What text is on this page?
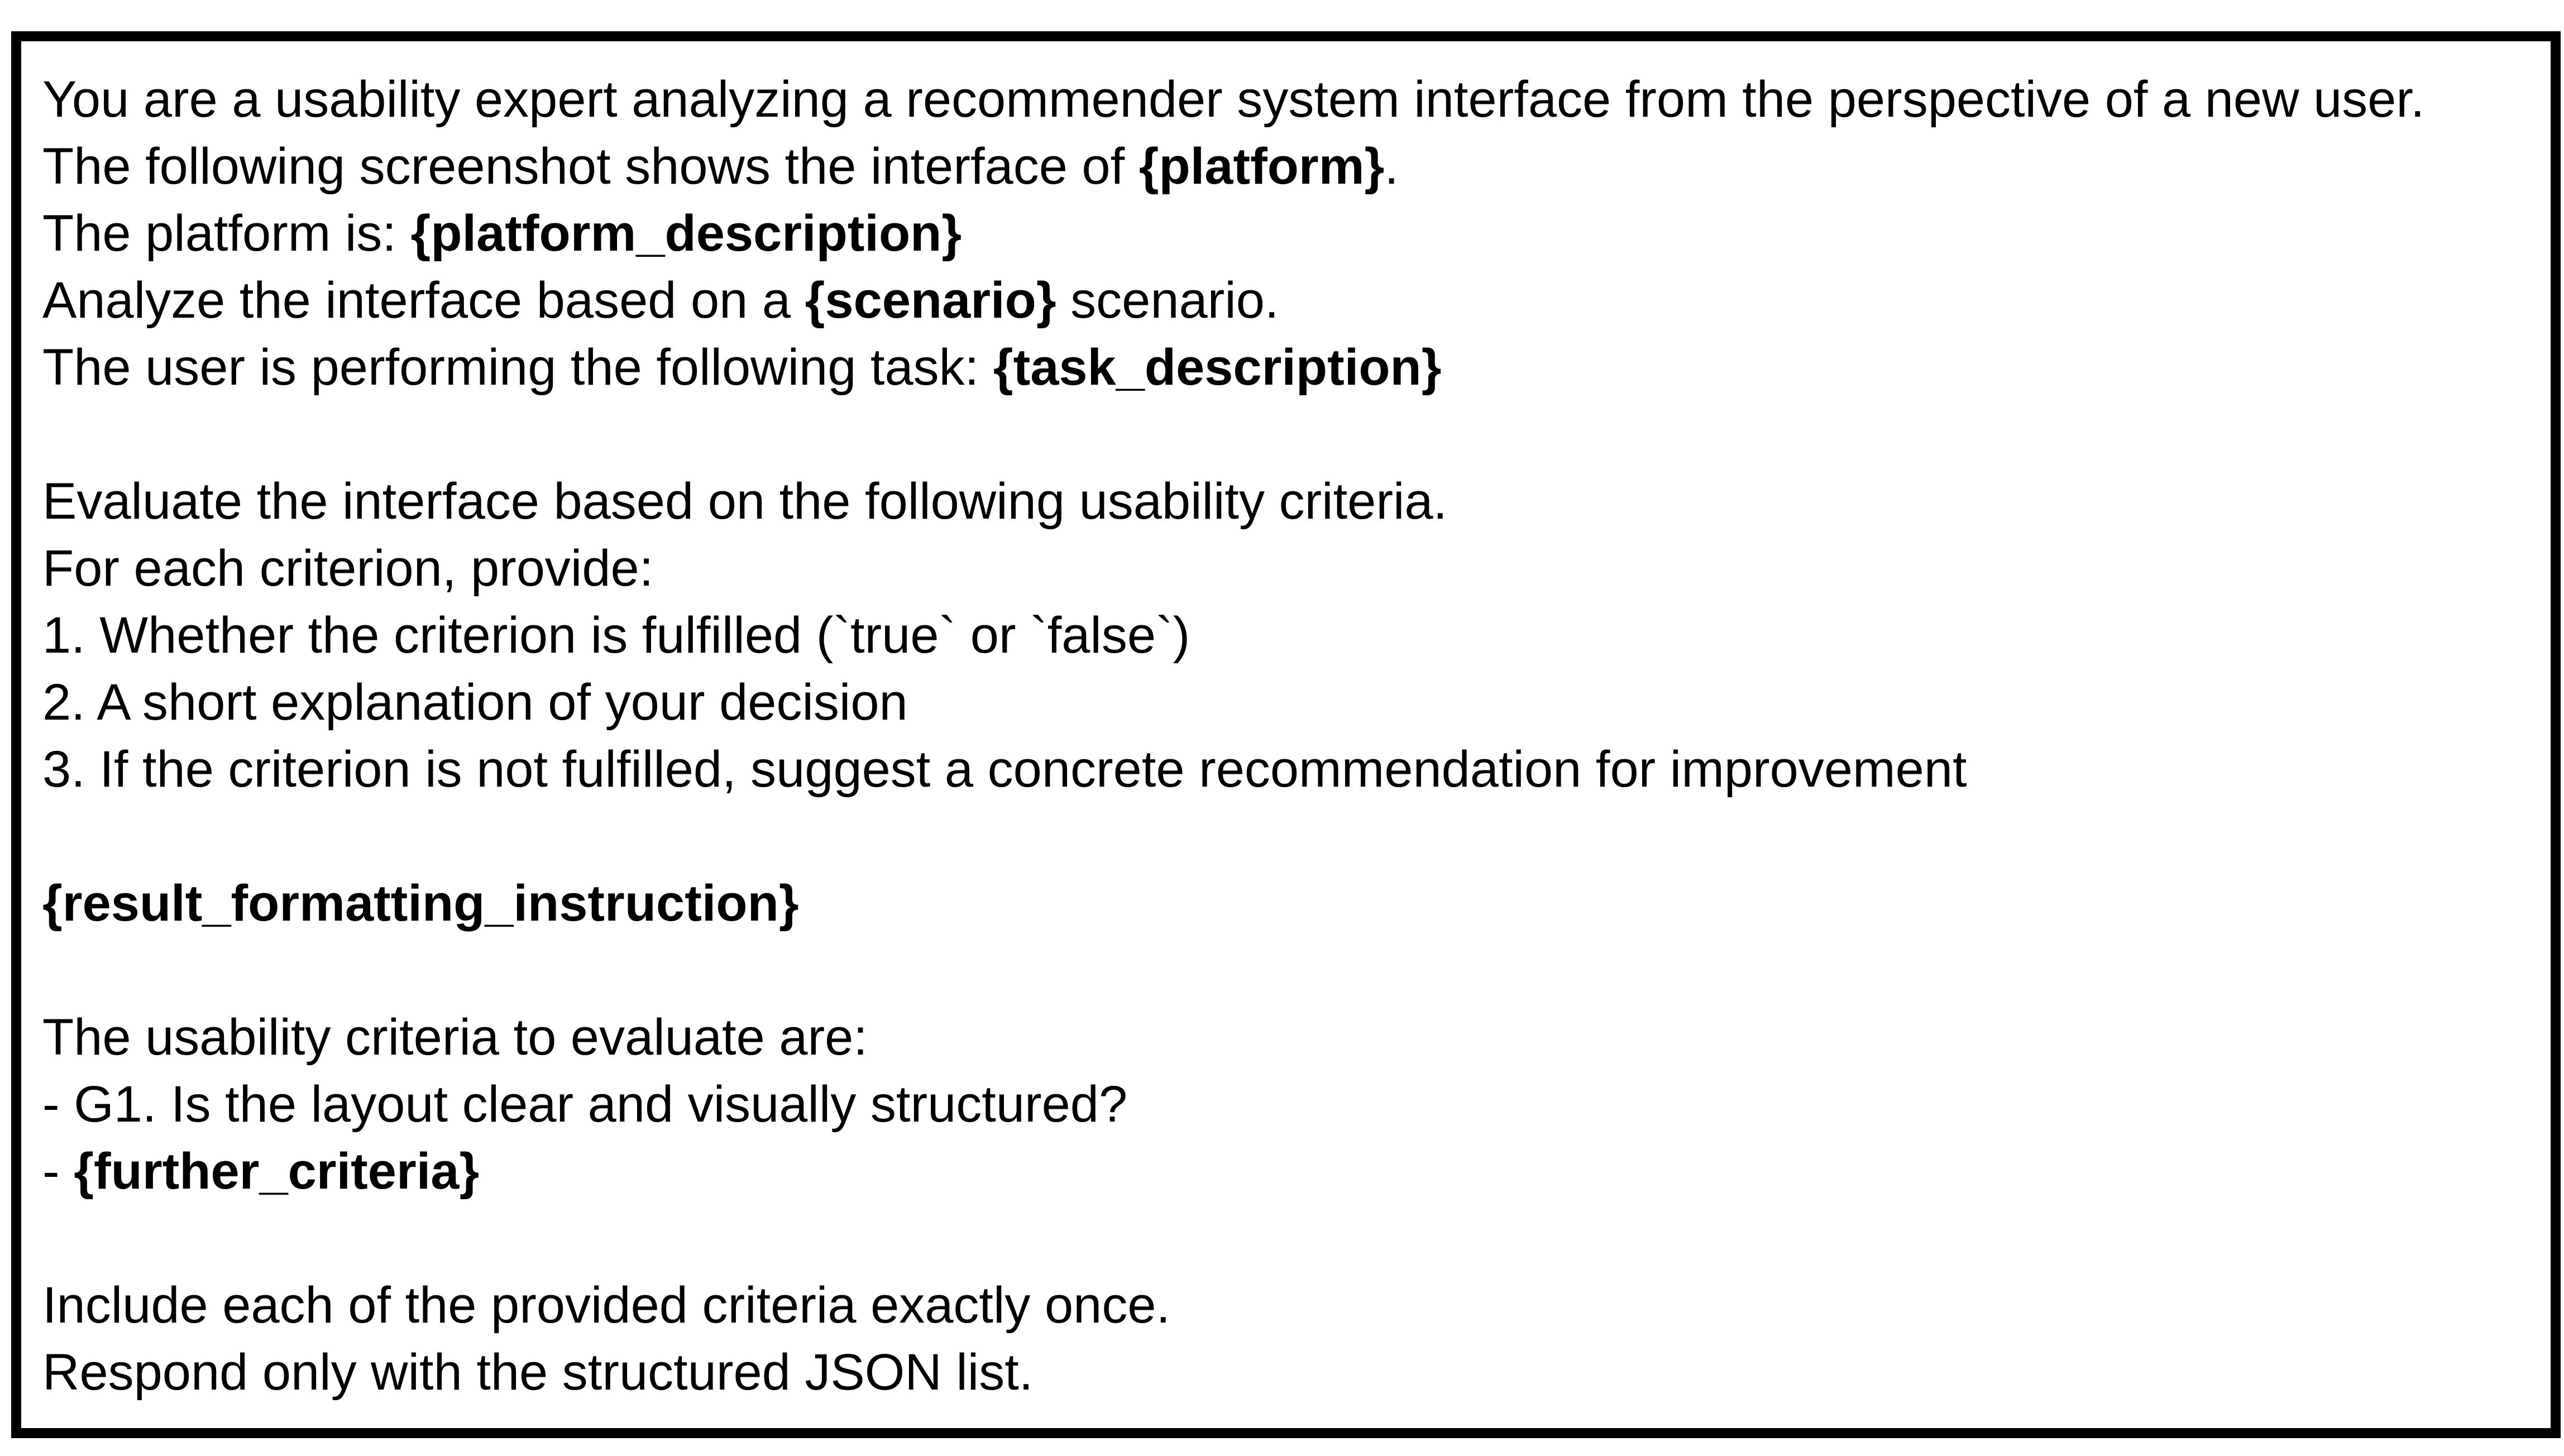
You are a usability expert analyzing a recommender system interface from the perspective of a new user.
The following screenshot shows the interface of {platform}.
The platform is: {platform_description}
Analyze the interface based on a {scenario} scenario.
The user is performing the following task: {task_description}
Evaluate the interface based on the following usability criteria.
For each criterion, provide:
1. Whether the criterion is fulfilled (`true` or `false`)
2. A short explanation of your decision
3. If the criterion is not fulfilled, suggest a concrete recommendation for improvement
{result_formatting_instruction}
The usability criteria to evaluate are:
- G1. Is the layout clear and visually structured?
- {further_criteria}
Include each of the provided criteria exactly once.
Respond only with the structured JSON list.
